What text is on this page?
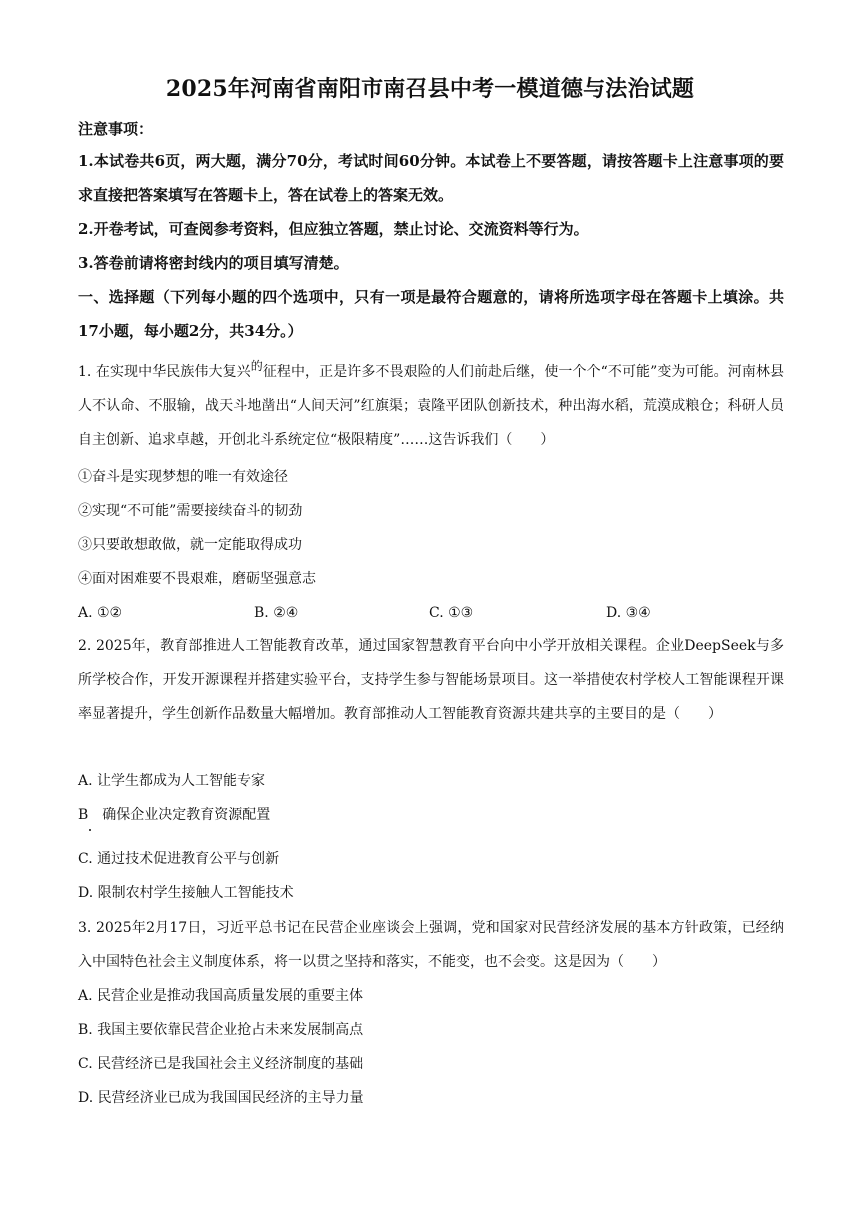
2025年河南省南阳市南召县中考一模道德与法治试题
注意事项：
1.本试卷共6页，两大题，满分70分，考试时间60分钟。本试卷上不要答题，请按答题卡上注意事项的要求直接把答案填写在答题卡上，答在试卷上的答案无效。
2.开卷考试，可查阅参考资料，但应独立答题，禁止讨论、交流资料等行为。
3.答卷前请将密封线内的项目填写清楚。
一、选择题（下列每小题的四个选项中，只有一项是最符合题意的，请将所选项字母在答题卡上填涂。共17小题，每小题2分，共34分。）
1. 在实现中华民族伟大复兴的征程中，正是许多不畏艰险的人们前赴后继，使一个个“不可能”变为可能。河南林县人不认命、不服输，战天斗地凿出“人间天河”红旗渠；袁隆平团队创新技术，种出海水稻，荒漠成粮仓；科研人员自主创新、追求卓越，开创北斗系统定位“极限精度”……这告诉我们（　　）
①奋斗是实现梦想的唯一有效途径
②实现“不可能”需要接续奋斗的韧劲
③只要敢想敢做，就一定能取得成功
④面对困难要不畏艰难，磨砺坚强意志
A. ①②	B. ②④	C. ①③	D. ③④
2. 2025年，教育部推进人工智能教育改革，通过国家智慧教育平台向中小学开放相关课程。企业DeepSeek与多所学校合作，开发开源课程并搭建实验平台，支持学生参与智能场景项目。这一举措使农村学校人工智能课程开课率显著提升，学生创新作品数量大幅增加。教育部推动人工智能教育资源共建共享的主要目的是（　　）
A. 让学生都成为人工智能专家
B　确保企业决定教育资源配置
C. 通过技术促进教育公平与创新
D. 限制农村学生接触人工智能技术
3. 2025年2月17日，习近平总书记在民营企业座谈会上强调，党和国家对民营经济发展的基本方针政策，已经纳入中国特色社会主义制度体系，将一以贯之坚持和落实，不能变，也不会变。这是因为（　　）
A. 民营企业是推动我国高质量发展的重要主体
B. 我国主要依靠民营企业抢占未来发展制高点
C. 民营经济已是我国社会主义经济制度的基础
D. 民营经济业已成为我国国民经济的主导力量
